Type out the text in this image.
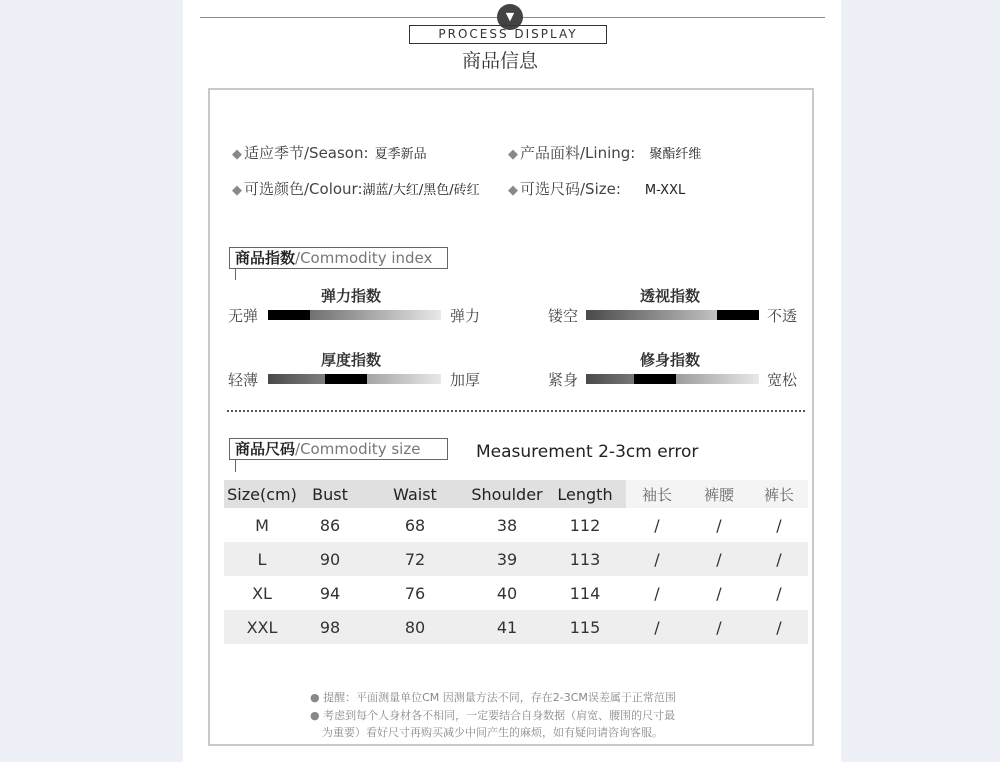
▼
PROCESS DISPLAY
商品信息
◆ 适应季节/Season: 夏季新品	◆ 产品面料/Lining: 聚酯纤维
◆ 可选颜色/Colour:湖蓝/大红/黑色/砖红 ◆ 可选尺码/Size: M-XXL
商品指数/Commodity index
弹力指数
无弹	弹力
透视指数
镂空	不透
厚度指数
轻薄	加厚
修身指数
紧身	宽松
商品尺码/Commodity size	Measurement 2-3cm error
Size(cm)	Bust	Waist	Shoulder	Length	袖长	裤腰	裤长
M	86	68	38	112	/	/	/
L	90	72	39	113	/	/	/
XL	94	76	40	114	/	/	/
XXL	98	80	41	115	/	/	/
● 提醒：平面测量单位CM 因测量方法不同，存在2-3CM误差属于正常范围
● 考虑到每个人身材各不相同，一定要结合自身数据（肩宽、腰围的尺寸最
为重要）看好尺寸再购买减少中间产生的麻烦，如有疑问请咨询客服。
